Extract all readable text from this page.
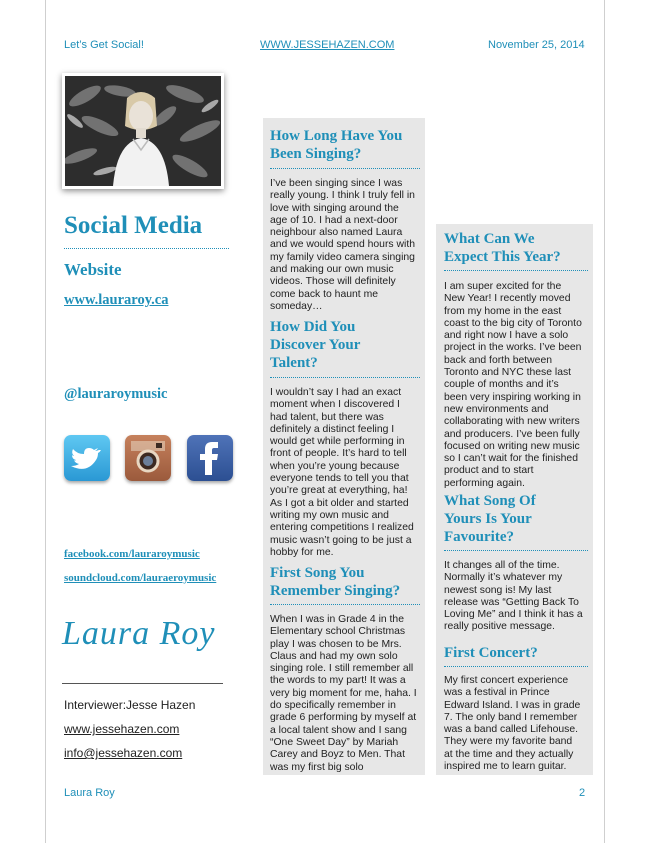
Let’s Get Social!	WWW.JESSEHAZEN.COM	November 25, 2014
Social Media
Website
www.lauraroy.ca
@lauraroymusic
facebook.com/lauraroymusic
soundcloud.com/lauraeroymusic
Laura Roy
Interviewer:Jesse Hazen
www.jessehazen.com
info@jessehazen.com
How Long Have You
Been Singing?
I’ve been singing since I was
really young. I think I truly fell in
love with singing around the
age of 10. I had a next-door
neighbour also named Laura
and we would spend hours with
my family video camera singing
and making our own music
videos. Those will definitely
come back to haunt me
someday…
How Did You
Discover Your
Talent?
I wouldn’t say I had an exact
moment when I discovered I
had talent, but there was
definitely a distinct feeling I
would get while performing in
front of people. It’s hard to tell
when you’re young because
everyone tends to tell you that
you’re great at everything, ha!
As I got a bit older and started
writing my own music and
entering competitions I realized
music wasn’t going to be just a
hobby for me.
First Song You
Remember Singing?
When I was in Grade 4 in the
Elementary school Christmas
play I was chosen to be Mrs.
Claus and had my own solo
singing role. I still remember all
the words to my part! It was a
very big moment for me, haha. I
do specifically remember in
grade 6 performing by myself at
a local talent show and I sang
“One Sweet Day” by Mariah
Carey and Boyz to Men. That
was my first big solo
What Can We
Expect This Year?
I am super excited for the
New Year! I recently moved
from my home in the east
coast to the big city of Toronto
and right now I have a solo
project in the works. I’ve been
back and forth between
Toronto and NYC these last
couple of months and it’s
been very inspiring working in
new environments and
collaborating with new writers
and producers. I’ve been fully
focused on writing new music
so I can’t wait for the finished
product and to start
performing again.
What Song Of
Yours Is Your
Favourite?
It changes all of the time.
Normally it’s whatever my
newest song is! My last
release was “Getting Back To
Loving Me” and I think it has a
really positive message.
First Concert?
My first concert experience
was a festival in Prince
Edward Island. I was in grade
7. The only band I remember
was a band called Lifehouse.
They were my favorite band
at the time and they actually
inspired me to learn guitar.
Laura Roy	2
